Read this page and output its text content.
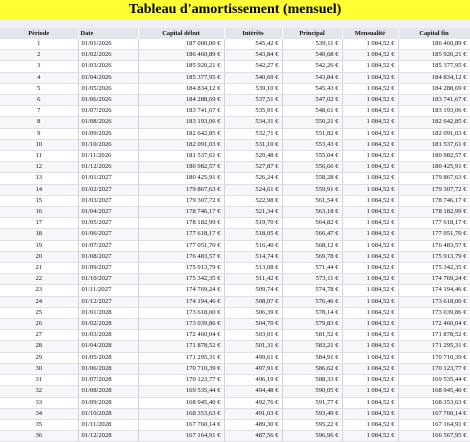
Tableau d'amortissement (mensuel)
Période	Date	Capital début	Intérêts	Principal	Mensualité	Capital fin
1	01/01/2026	187 000,00 €	545,42 €	539,11 €	1 084,52 €	186 460,89 €
2	01/02/2026	186 460,89 €	543,84 €	540,68 €	1 084,52 €	185 920,21 €
3	01/03/2026	185 920,21 €	542,27 €	542,26 €	1 084,52 €	185 377,95 €
4	01/04/2026	185 377,95 €	540,69 €	543,84 €	1 084,52 €	184 834,12 €
5	01/05/2026	184 834,12 €	539,10 €	545,43 €	1 084,52 €	184 288,69 €
6	01/06/2026	184 288,69 €	537,51 €	547,02 €	1 084,52 €	183 741,67 €
7	01/07/2026	183 741,67 €	535,91 €	548,61 €	1 084,52 €	183 193,06 €
8	01/08/2026	183 193,06 €	534,31 €	550,21 €	1 084,52 €	182 642,85 €
9	01/09/2026	182 642,85 €	532,71 €	551,82 €	1 084,52 €	182 091,03 €
10	01/10/2026	182 091,03 €	531,10 €	553,43 €	1 084,52 €	181 537,61 €
11	01/11/2026	181 537,61 €	529,48 €	555,04 €	1 084,52 €	180 982,57 €
12	01/12/2026	180 982,57 €	527,87 €	556,66 €	1 084,52 €	180 425,91 €
13	01/01/2027	180 425,91 €	526,24 €	558,28 €	1 084,52 €	179 867,63 €
14	01/02/2027	179 867,63 €	524,61 €	559,91 €	1 084,52 €	179 307,72 €
15	01/03/2027	179 307,72 €	522,98 €	561,54 €	1 084,52 €	178 746,17 €
16	01/04/2027	178 746,17 €	521,34 €	563,18 €	1 084,52 €	178 182,99 €
17	01/05/2027	178 182,99 €	519,70 €	564,82 €	1 084,52 €	177 618,17 €
18	01/06/2027	177 618,17 €	518,05 €	566,47 €	1 084,52 €	177 051,70 €
19	01/07/2027	177 051,70 €	516,40 €	568,12 €	1 084,52 €	176 483,57 €
20	01/08/2027	176 483,57 €	514,74 €	569,78 €	1 084,52 €	175 913,79 €
21	01/09/2027	175 913,79 €	513,08 €	571,44 €	1 084,52 €	175 342,35 €
22	01/10/2027	175 342,35 €	511,42 €	573,11 €	1 084,52 €	174 769,24 €
23	01/11/2027	174 769,24 €	509,74 €	574,78 €	1 084,52 €	174 194,46 €
24	01/12/2027	174 194,46 €	508,07 €	576,46 €	1 084,52 €	173 618,00 €
25	01/01/2028	173 618,00 €	506,39 €	578,14 €	1 084,52 €	173 039,86 €
26	01/02/2028	173 039,86 €	504,70 €	579,83 €	1 084,52 €	172 460,04 €
27	01/03/2028	172 460,04 €	503,01 €	581,52 €	1 084,52 €	171 878,52 €
28	01/04/2028	171 878,52 €	501,31 €	583,21 €	1 084,52 €	171 295,31 €
29	01/05/2028	171 295,31 €	499,61 €	584,91 €	1 084,52 €	170 710,39 €
30	01/06/2028	170 710,39 €	497,91 €	586,62 €	1 084,52 €	170 123,77 €
31	01/07/2028	170 123,77 €	496,19 €	588,33 €	1 084,52 €	169 535,44 €
32	01/08/2028	169 535,44 €	494,48 €	590,05 €	1 084,52 €	168 945,40 €
33	01/09/2028	168 945,40 €	492,76 €	591,77 €	1 084,52 €	168 353,63 €
34	01/10/2028	168 353,63 €	491,03 €	593,49 €	1 084,52 €	167 760,14 €
35	01/11/2028	167 760,14 €	489,30 €	595,22 €	1 084,52 €	167 164,91 €
36	01/12/2028	167 164,91 €	487,56 €	596,96 €	1 084,52 €	166 567,95 €
